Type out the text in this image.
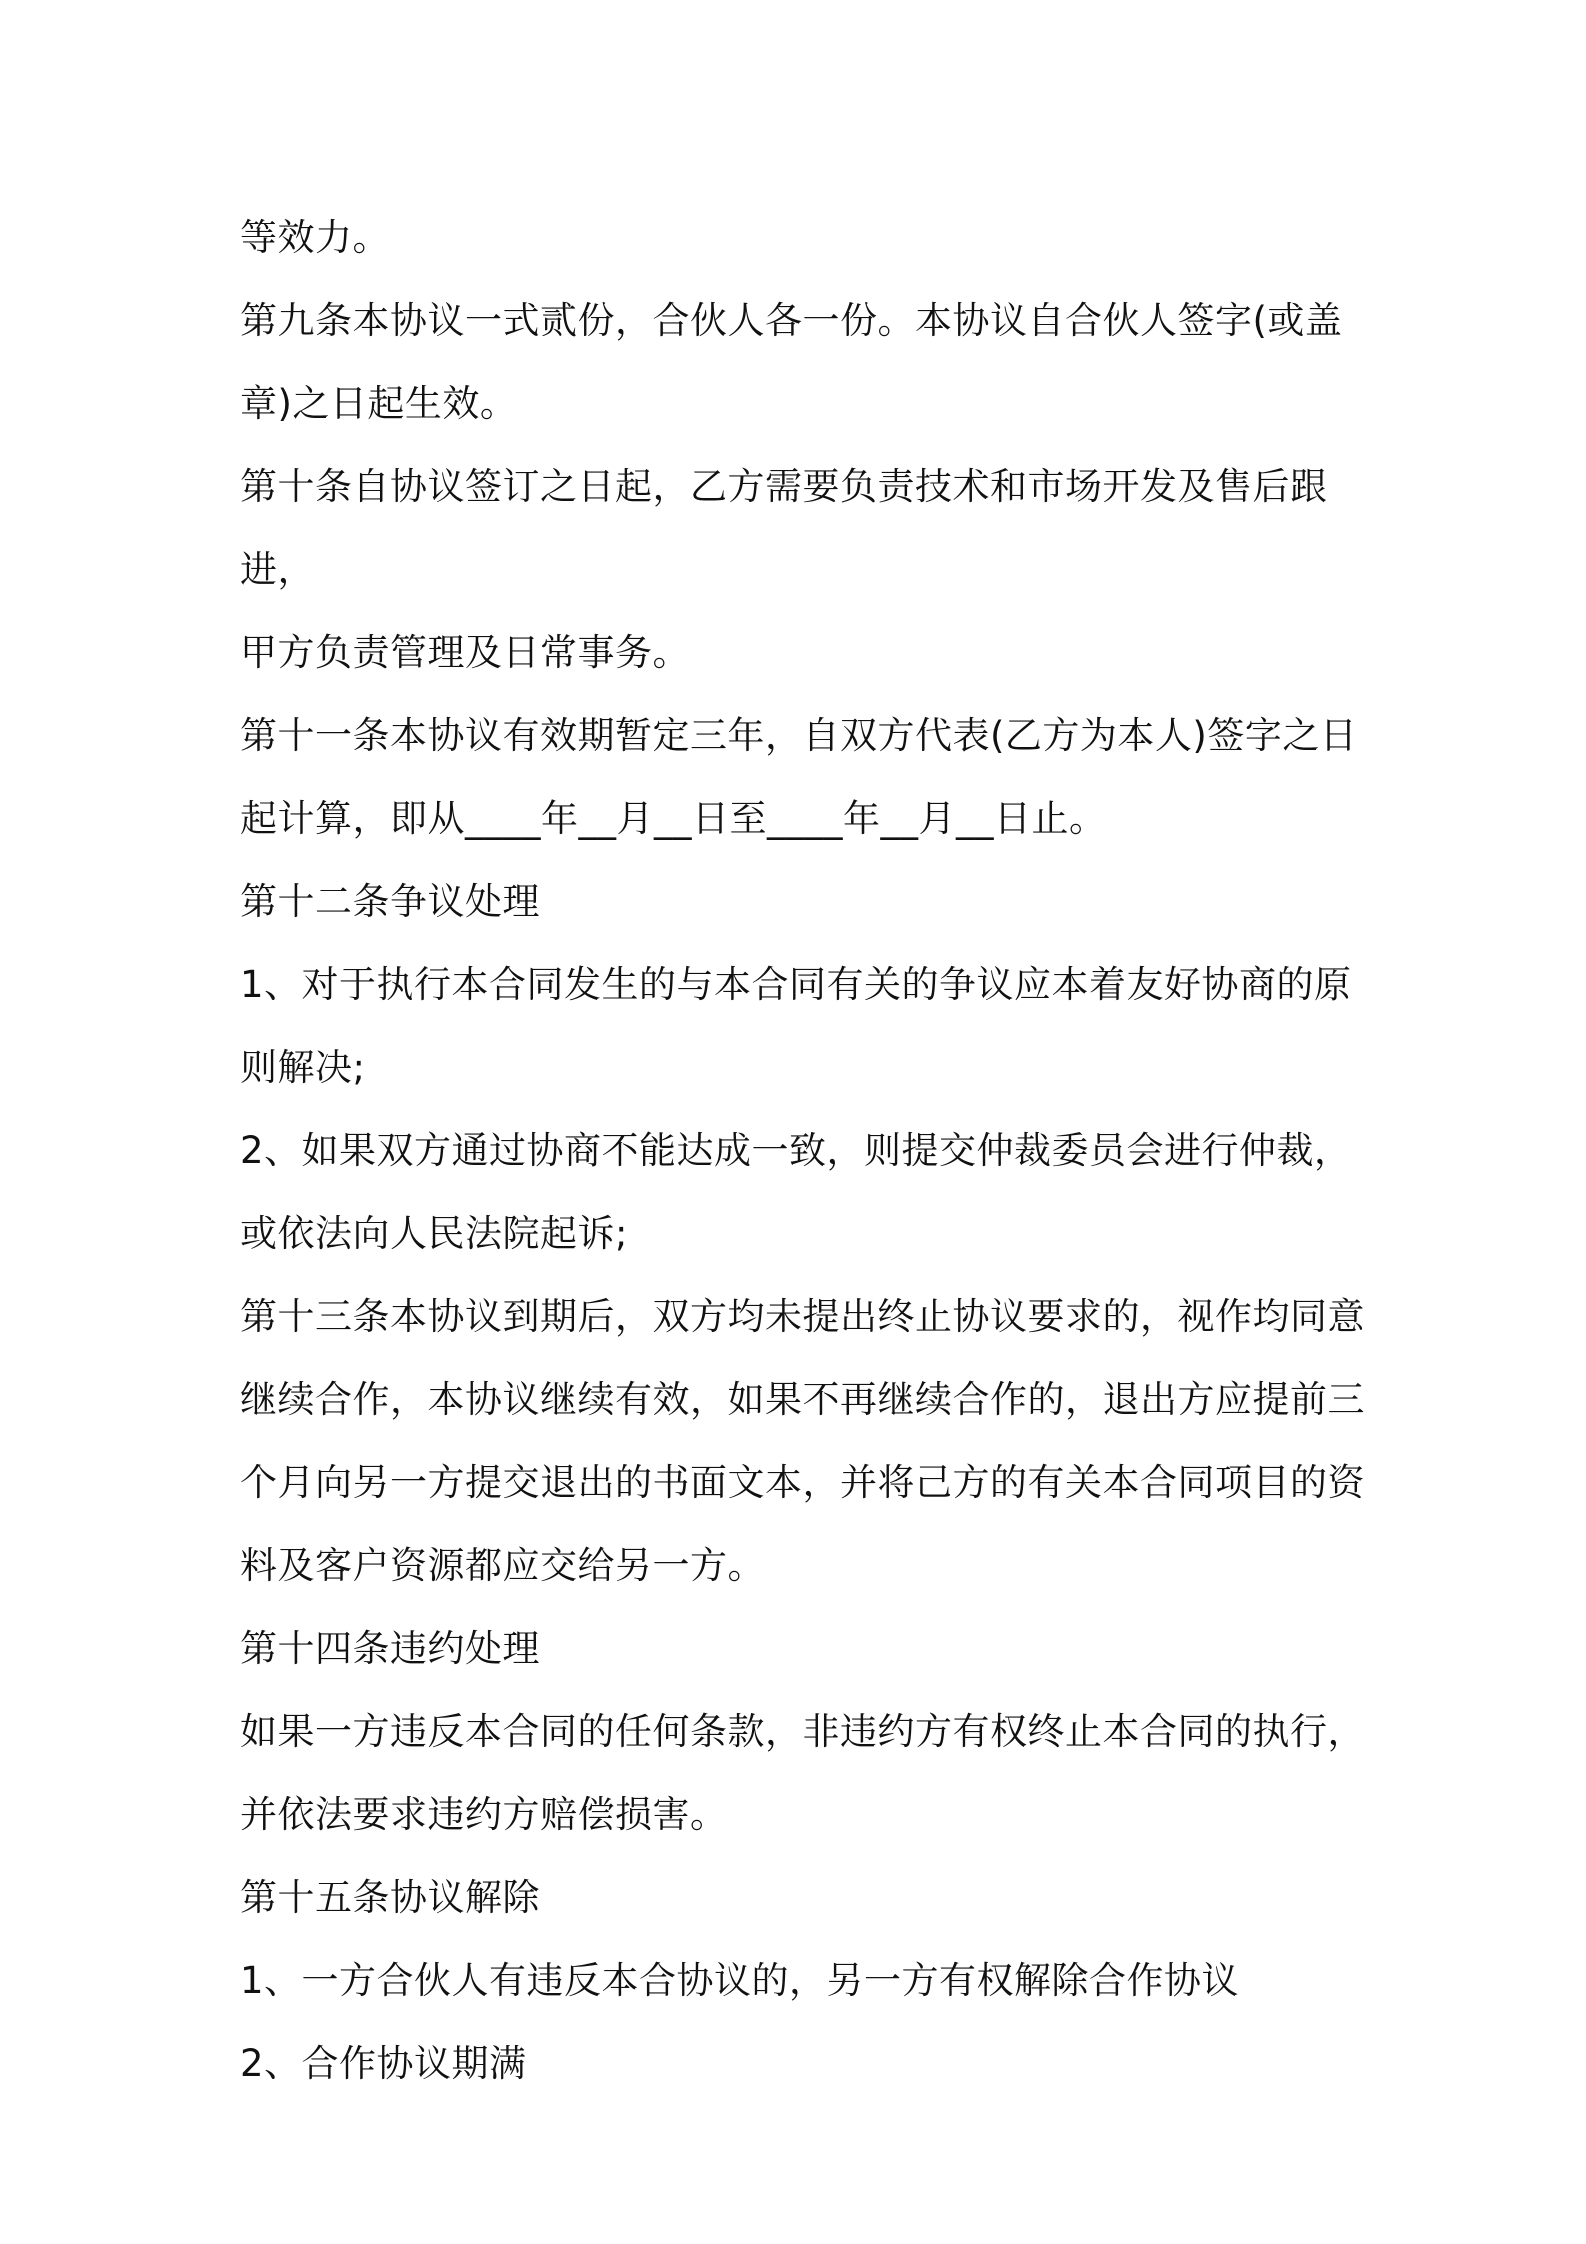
等效力。

第九条本协议一式贰份，合伙人各一份。本协议自合伙人签字(或盖

章)之日起生效。

第十条自协议签订之日起，乙方需要负责技术和市场开发及售后跟进，

甲方负责管理及日常事务。

第十一条本协议有效期暂定三年，自双方代表(乙方为本人)签字之日

起计算，即从____年__月__日至____年__月__日止。

第十二条争议处理

1、对于执行本合同发生的与本合同有关的争议应本着友好协商的原

则解决;

2、如果双方通过协商不能达成一致，则提交仲裁委员会进行仲裁，

或依法向人民法院起诉;

第十三条本协议到期后，双方均未提出终止协议要求的，视作均同意

继续合作，本协议继续有效，如果不再继续合作的，退出方应提前三

个月向另一方提交退出的书面文本，并将己方的有关本合同项目的资

料及客户资源都应交给另一方。

第十四条违约处理

如果一方违反本合同的任何条款，非违约方有权终止本合同的执行，

并依法要求违约方赔偿损害。

第十五条协议解除

1、一方合伙人有违反本合协议的，另一方有权解除合作协议

2、合作协议期满
